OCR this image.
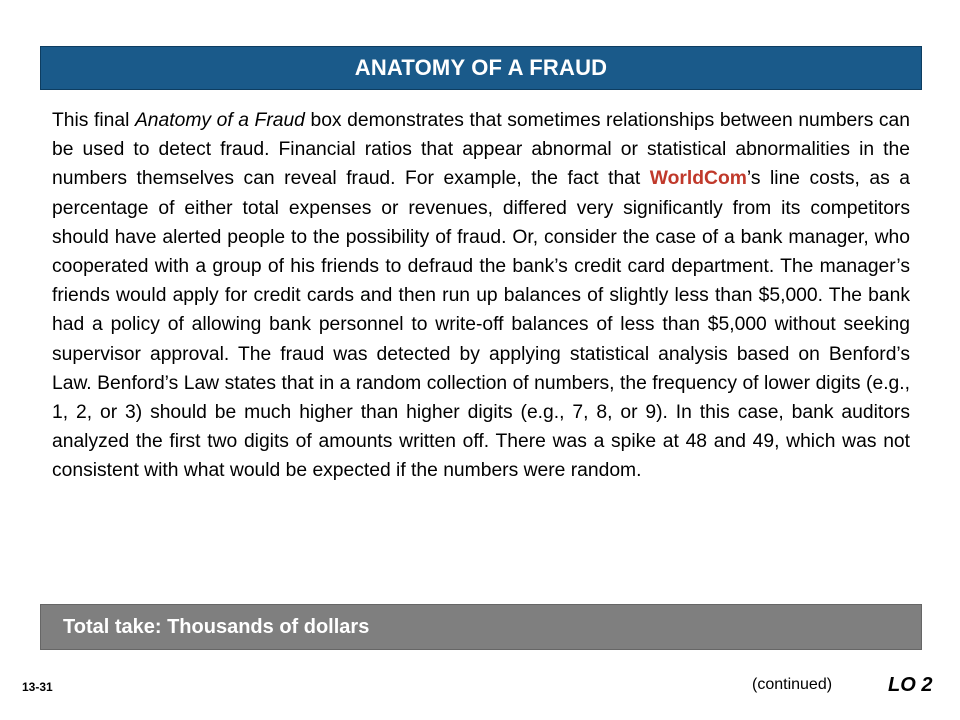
ANATOMY OF A FRAUD

This final Anatomy of a Fraud box demonstrates that sometimes relationships between numbers can be used to detect fraud. Financial ratios that appear abnormal or statistical abnormalities in the numbers themselves can reveal fraud. For example, the fact that WorldCom’s line costs, as a percentage of either total expenses or revenues, differed very significantly from its competitors should have alerted people to the possibility of fraud. Or, consider the case of a bank manager, who cooperated with a group of his friends to defraud the bank’s credit card department. The manager’s friends would apply for credit cards and then run up balances of slightly less than $5,000. The bank had a policy of allowing bank personnel to write-off balances of less than $5,000 without seeking supervisor approval. The fraud was detected by applying statistical analysis based on Benford’s Law. Benford’s Law states that in a random collection of numbers, the frequency of lower digits (e.g., 1, 2, or 3) should be much higher than higher digits (e.g., 7, 8, or 9). In this case, bank auditors analyzed the first two digits of amounts written off. There was a spike at 48 and 49, which was not consistent with what would be expected if the numbers were random.

Total take: Thousands of dollars
13-31	(continued)	LO 2
